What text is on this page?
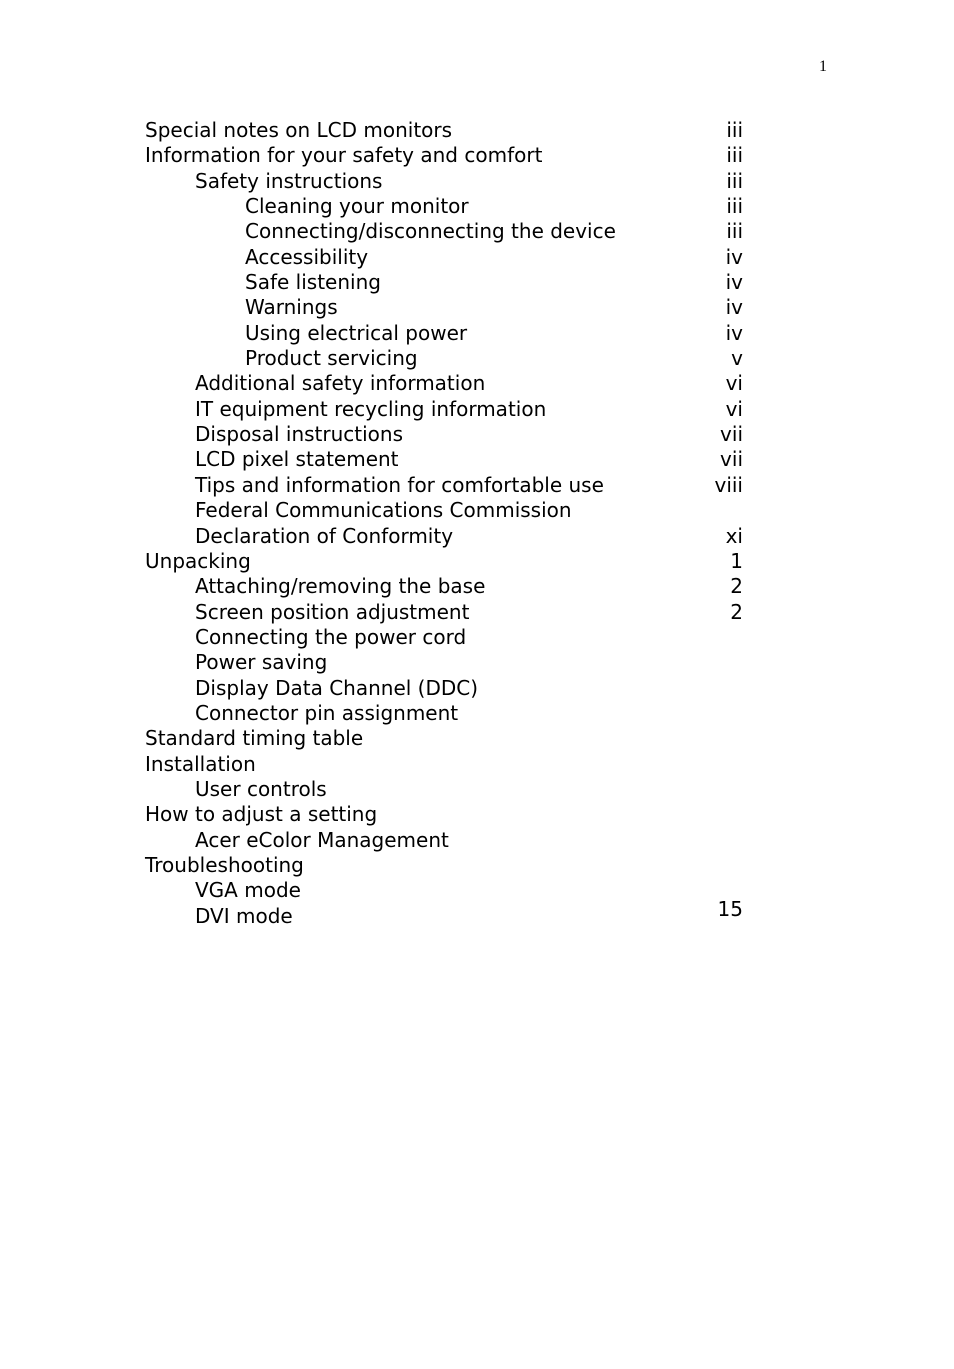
1
Special notes on LCD monitors	iii
Information for your safety and comfort	iii
Safety instructions	iii
Cleaning your monitor	iii
Connecting/disconnecting the device	iii
Accessibility	iv
Safe listening	iv
Warnings	iv
Using electrical power	iv
Product servicing	v
Additional safety information	vi
IT equipment recycling information	vi
Disposal instructions	vii
LCD pixel statement	vii
Tips and information for comfortable use	viii
Federal Communications Commission
Declaration of Conformity	xi
Unpacking	1
Attaching/removing the base	2
Screen position adjustment	2
Connecting the power cord
Power saving
Display Data Channel (DDC)
Connector pin assignment
Standard timing table
Installation
User controls
How to adjust a setting
Acer eColor Management
Troubleshooting
VGA mode
DVI mode	15
